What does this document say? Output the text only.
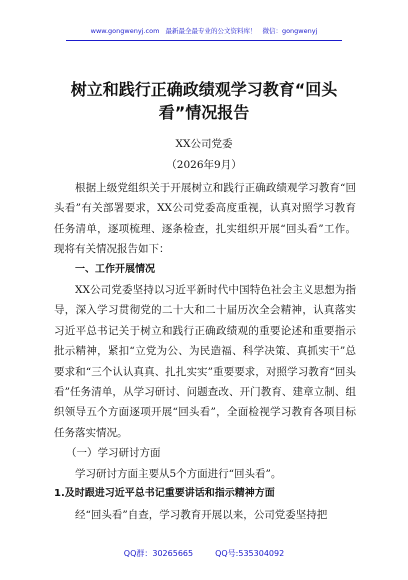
www.gongwenyj.com 最新最全最专业的公文资料库！ 微信：gongwenyj
树立和践行正确政绩观学习教育“回头看”情况报告
XX公司党委
（2026年9月）

根据上级党组织关于开展树立和践行正确政绩观学习教育“回头看”有关部署要求，XX公司党委高度重视，认真对照学习教育任务清单，逐项梳理、逐条检查，扎实组织开展“回头看”工作。现将有关情况报告如下：

一、工作开展情况

XX公司党委坚持以习近平新时代中国特色社会主义思想为指导，深入学习贯彻党的二十大和二十届历次全会精神，认真落实习近平总书记关于树立和践行正确政绩观的重要论述和重要指示批示精神，紧扣“立党为公、为民造福、科学决策、真抓实干”总要求和“三个认认真真、扎扎实实”重要要求，对照学习教育“回头看”任务清单，从学习研讨、问题查改、开门教育、建章立制、组织领导五个方面逐项开展“回头看”，全面检视学习教育各项目标任务落实情况。

（一）学习研讨方面

学习研讨方面主要从5个方面进行“回头看”。

1.及时跟进习近平总书记重要讲话和指示精神方面

经“回头看”自查，学习教育开展以来，公司党委坚持把

QQ群：30265665	QQ号:535304092
